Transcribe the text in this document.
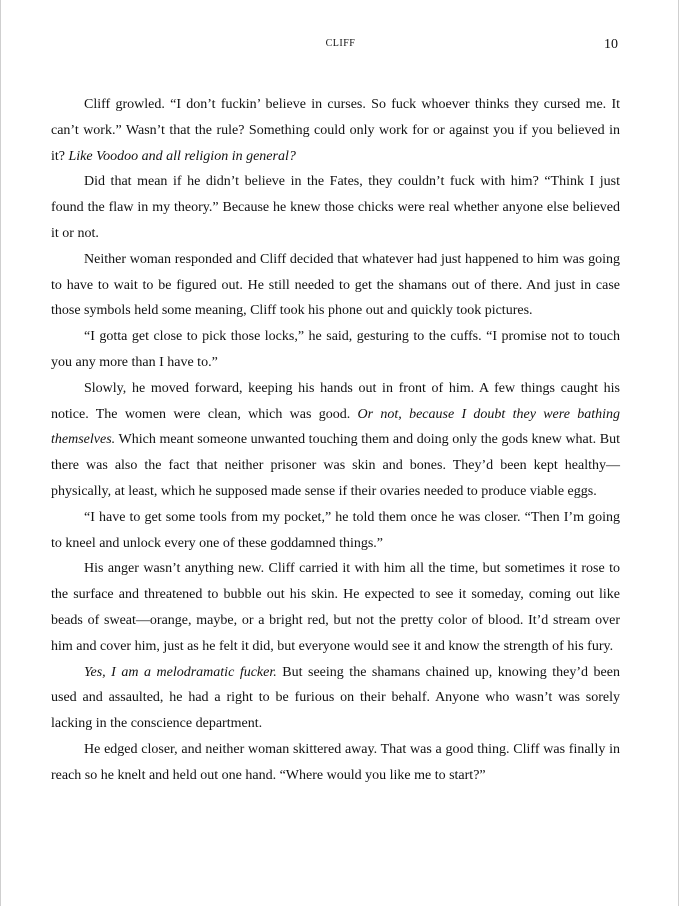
CLIFF	10

Cliff growled. “I don’t fuckin’ believe in curses. So fuck whoever thinks they cursed me. It can’t work.” Wasn’t that the rule? Something could only work for or against you if you believed in it? Like Voodoo and all religion in general?

Did that mean if he didn’t believe in the Fates, they couldn’t fuck with him? “Think I just found the flaw in my theory.” Because he knew those chicks were real whether anyone else believed it or not.

Neither woman responded and Cliff decided that whatever had just happened to him was going to have to wait to be figured out. He still needed to get the shamans out of there. And just in case those symbols held some meaning, Cliff took his phone out and quickly took pictures.

“I gotta get close to pick those locks,” he said, gesturing to the cuffs. “I promise not to touch you any more than I have to.”

Slowly, he moved forward, keeping his hands out in front of him. A few things caught his notice. The women were clean, which was good. Or not, because I doubt they were bathing themselves. Which meant someone unwanted touching them and doing only the gods knew what. But there was also the fact that neither prisoner was skin and bones. They’d been kept healthy—physically, at least, which he supposed made sense if their ovaries needed to produce viable eggs.

“I have to get some tools from my pocket,” he told them once he was closer. “Then I’m going to kneel and unlock every one of these goddamned things.”

His anger wasn’t anything new. Cliff carried it with him all the time, but sometimes it rose to the surface and threatened to bubble out his skin. He expected to see it someday, coming out like beads of sweat—orange, maybe, or a bright red, but not the pretty color of blood. It’d stream over him and cover him, just as he felt it did, but everyone would see it and know the strength of his fury.

Yes, I am a melodramatic fucker. But seeing the shamans chained up, knowing they’d been used and assaulted, he had a right to be furious on their behalf. Anyone who wasn’t was sorely lacking in the conscience department.

He edged closer, and neither woman skittered away. That was a good thing. Cliff was finally in reach so he knelt and held out one hand. “Where would you like me to start?”
